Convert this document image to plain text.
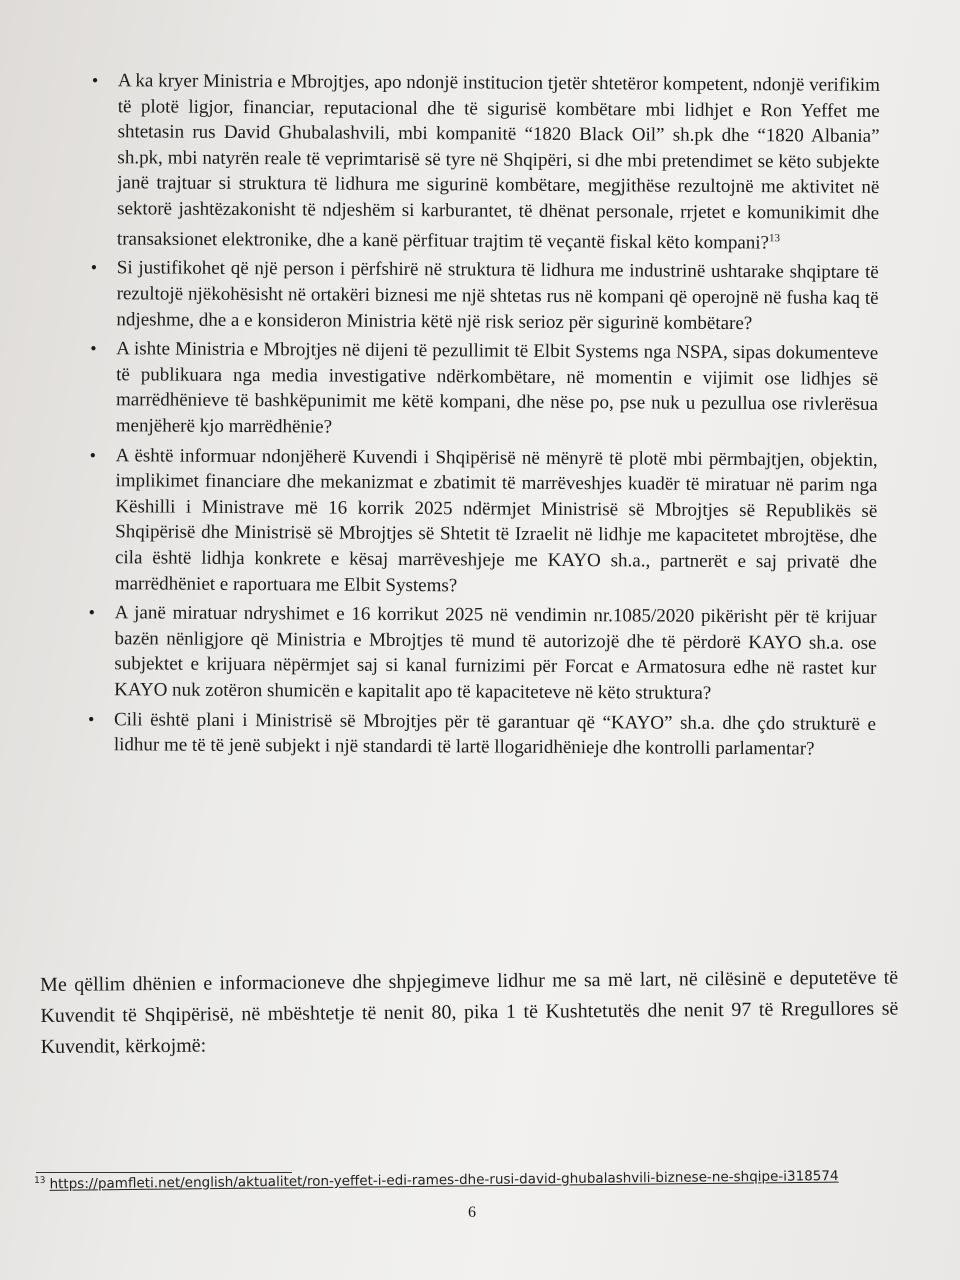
• A ka kryer Ministria e Mbrojtjes, apo ndonjë institucion tjetër shtetëror kompetent, ndonjë verifikim të plotë ligjor, financiar, reputacional dhe të sigurisë kombëtare mbi lidhjet e Ron Yeffet me shtetasin rus David Ghubalashvili, mbi kompanitë “1820 Black Oil” sh.pk dhe “1820 Albania” sh.pk, mbi natyrën reale të veprimtarisë së tyre në Shqipëri, si dhe mbi pretendimet se këto subjekte janë trajtuar si struktura të lidhura me sigurinë kombëtare, megjithëse rezultojnë me aktivitet në sektorë jashtëzakonisht të ndjeshëm si karburantet, të dhënat personale, rrjetet e komunikimit dhe transaksionet elektronike, dhe a kanë përfituar trajtim të veçantë fiskal këto kompani?$^{13}$
• Si justifikohet që një person i përfshirë në struktura të lidhura me industrinë ushtarake shqiptare të rezultojë njëkohësisht në ortakëri biznesi me një shtetas rus në kompani që operojnë në fusha kaq të ndjeshme, dhe a e konsideron Ministria këtë një risk serioz për sigurinë kombëtare?
• A ishte Ministria e Mbrojtjes në dijeni të pezullimit të Elbit Systems nga NSPA, sipas dokumenteve të publikuara nga media investigative ndërkombëtare, në momentin e vijimit ose lidhjes së marrëdhënieve të bashkëpunimit me këtë kompani, dhe nëse po, pse nuk u pezullua ose rivlerësua menjëherë kjo marrëdhënie?
• A është informuar ndonjëherë Kuvendi i Shqipërisë në mënyrë të plotë mbi përmbajtjen, objektin, implikimet financiare dhe mekanizmat e zbatimit të marrëveshjes kuadër të miratuar në parim nga Këshilli i Ministrave më 16 korrik 2025 ndërmjet Ministrisë së Mbrojtjes së Republikës së Shqipërisë dhe Ministrisë së Mbrojtjes së Shtetit të Izraelit në lidhje me kapacitetet mbrojtëse, dhe cila është lidhja konkrete e kësaj marrëveshjeje me KAYO sh.a., partnerët e saj privatë dhe marrëdhëniet e raportuara me Elbit Systems?
• A janë miratuar ndryshimet e 16 korrikut 2025 në vendimin nr.1085/2020 pikërisht për të krijuar bazën nënligjore që Ministria e Mbrojtjes të mund të autorizojë dhe të përdorë KAYO sh.a. ose subjektet e krijuara nëpërmjet saj si kanal furnizimi për Forcat e Armatosura edhe në rastet kur KAYO nuk zotëron shumicën e kapitalit apo të kapaciteteve në këto struktura?
• Cili është plani i Ministrisë së Mbrojtjes për të garantuar që “KAYO” sh.a. dhe çdo strukturë e lidhur me të të jenë subjekt i një standardi të lartë llogaridhënieje dhe kontrolli parlamentar?

Me qëllim dhënien e informacioneve dhe shpjegimeve lidhur me sa më lart, në cilësinë e deputetëve të Kuvendit të Shqipërisë, në mbështetje të nenit 80, pika 1 të Kushtetutës dhe nenit 97 të Rregullores së Kuvendit, kërkojmë:

$^{13}$ https://pamfleti.net/english/aktualitet/ron-yeffet-i-edi-rames-dhe-rusi-david-ghubalashvili-biznese-ne-shqipe-i318574
6
